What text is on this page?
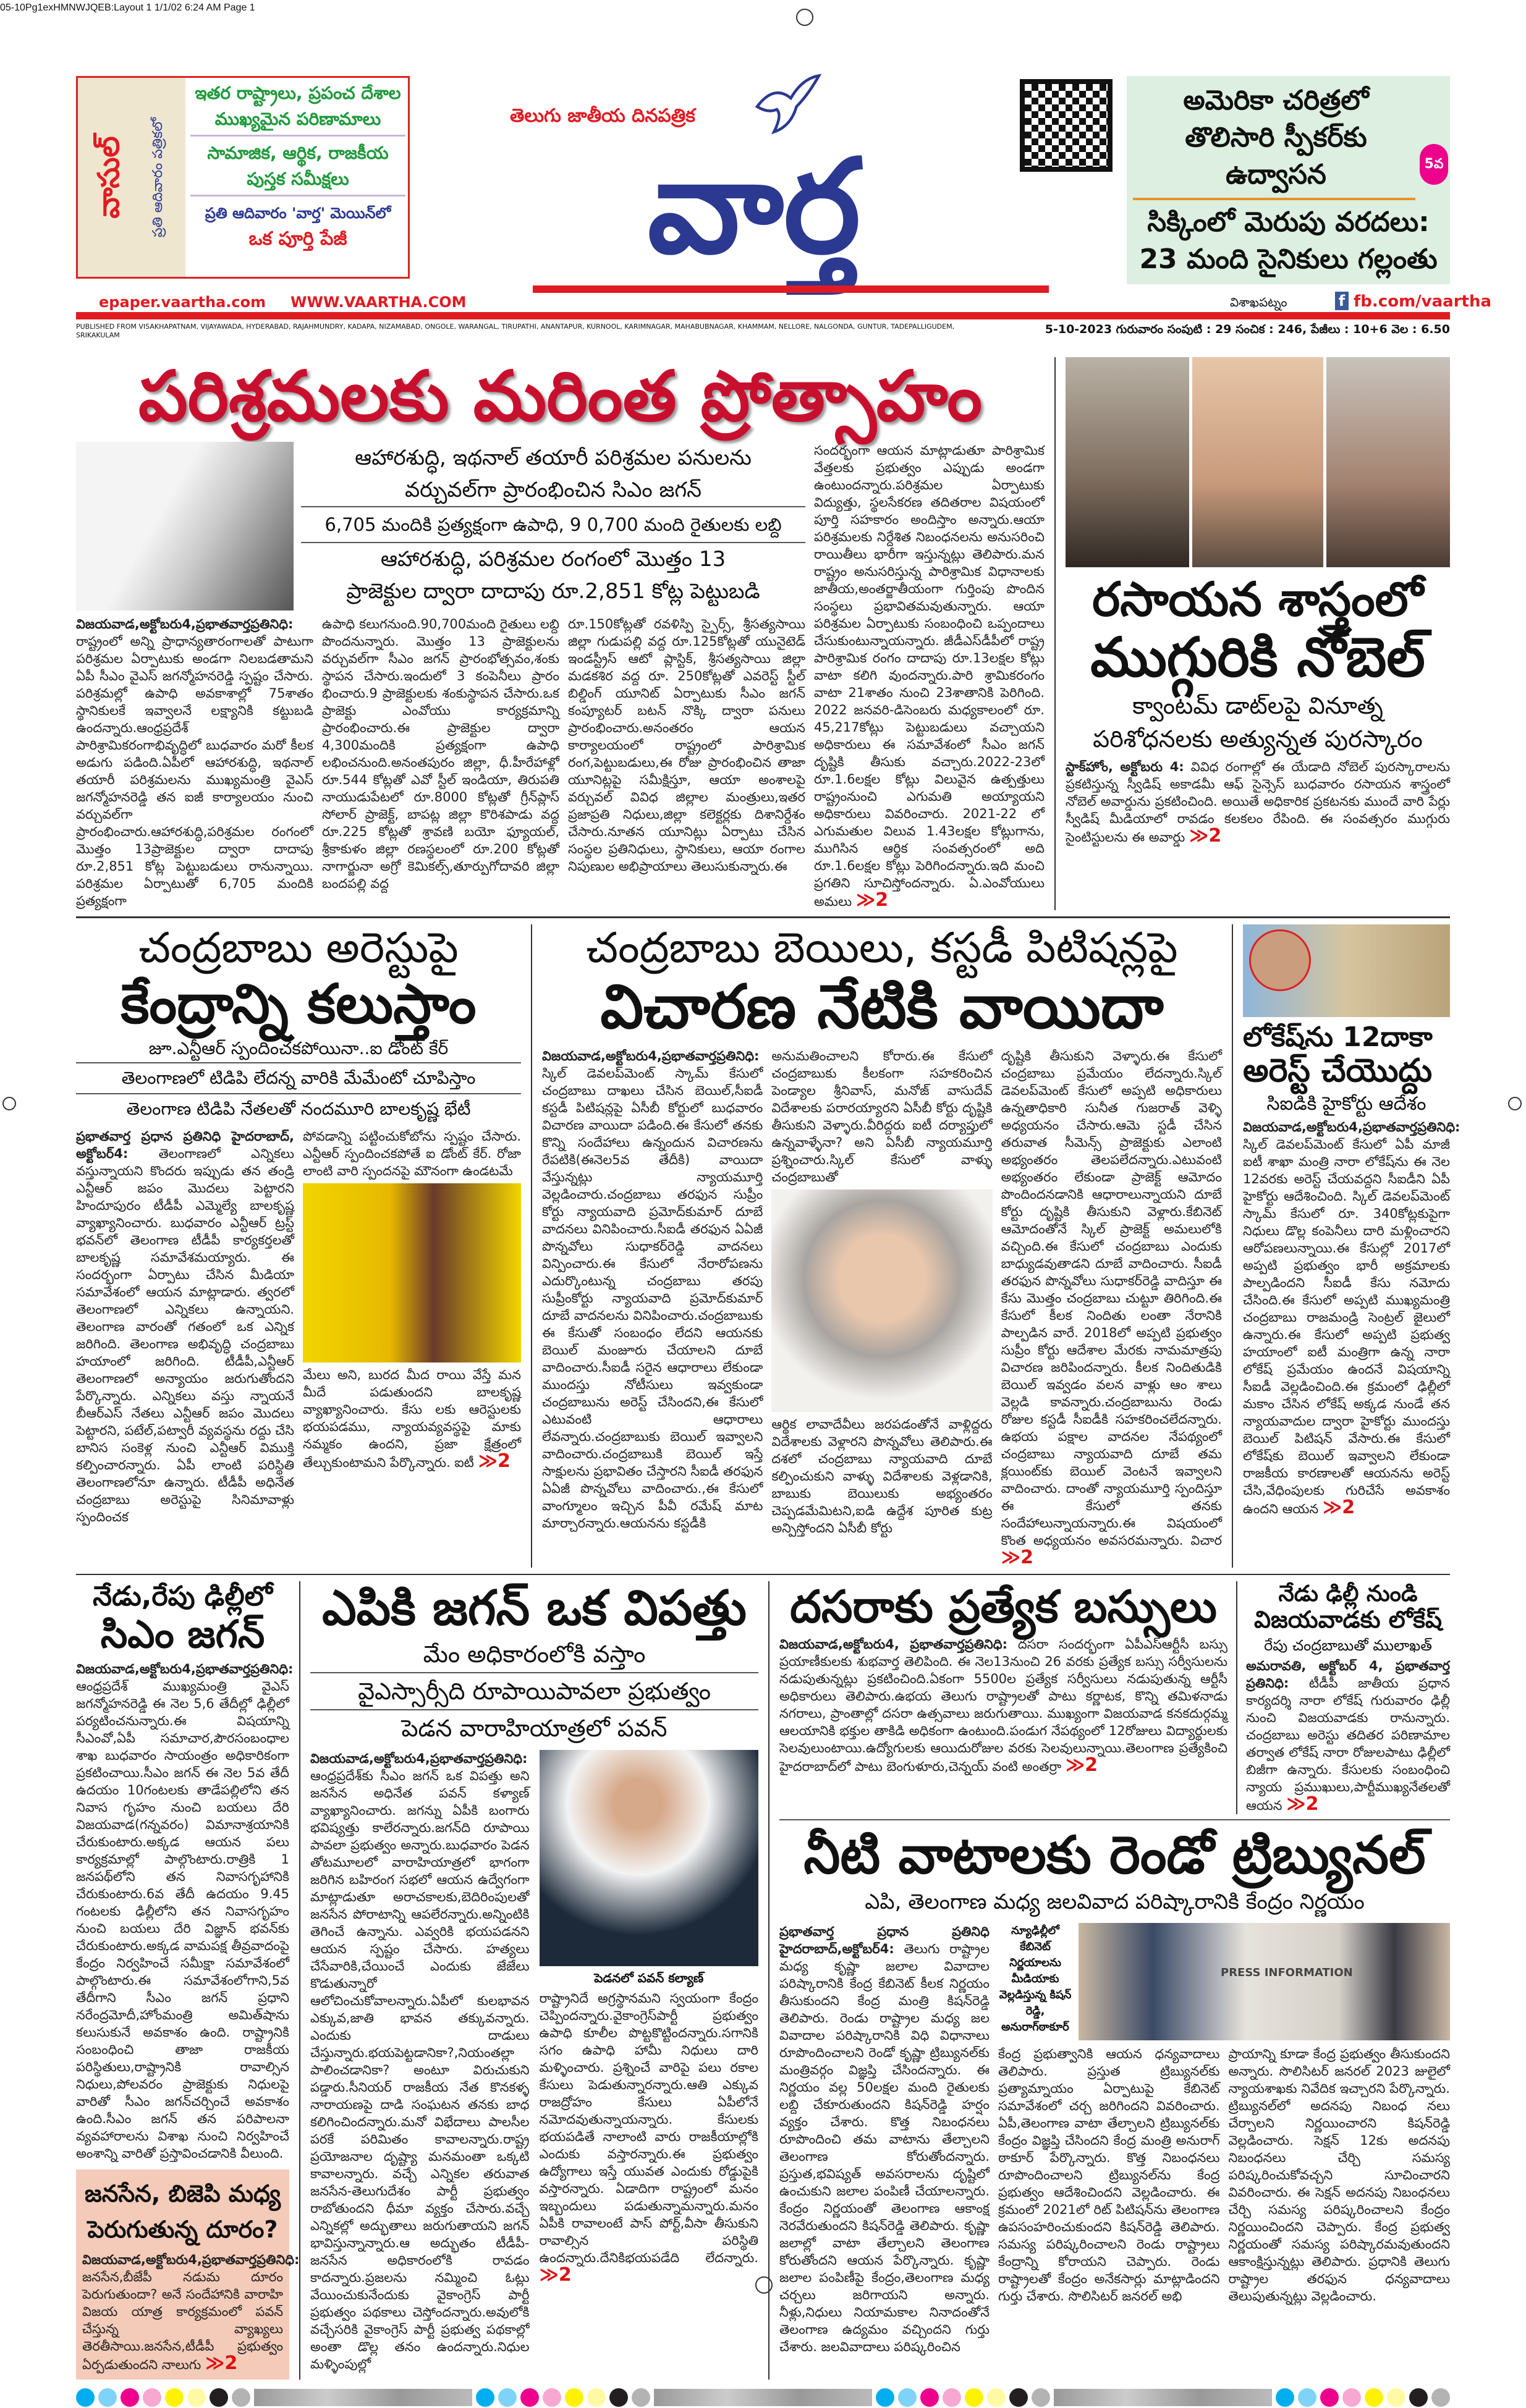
05-10Pg1exHMNWJQEB:Layout 1 1/1/02 6:24 AM Page 1
వాసుల్	ప్రతి ఆదివారం పత్రికలో
ఇతర రాష్ట్రాలు, ప్రపంచ దేశాల
ముఖ్యమైన పరిణామాలు
సామాజిక, ఆర్థిక, రాజకీయ
పుస్తక సమీక్షలు
ప్రతి ఆదివారం 'వార్త' మెయిన్‌లో
ఒక పూర్తి పేజీ
తెలుగు జాతీయ దినపత్రిక
వార్త
అమెరికా చరిత్రలో తొలిసారి స్పీకర్‌కు ఉద్వాసన	5వ
సిక్కింలో మెరుపు వరదలు: 23 మంది సైనికులు గల్లంతు
epaper.vaartha.com WWW.VAARTHA.COM	విశాఖపట్నం	f fb.com/vaartha
PUBLISHED FROM VISAKHAPATNAM, VIJAYAWADA, HYDERABAD, RAJAHMUNDRY, KADAPA, NIZAMABAD, ONGOLE, WARANGAL, TIRUPATHI, ANANTAPUR, KURNOOL, KARIMNAGAR, MAHABUBNAGAR, KHAMMAM, NELLORE, NALGONDA, GUNTUR, TADEPALLIGUDEM, SRIKAKULAM	5-10-2023 గురువారం సంపుటి : 29 సంచిక : 246, పేజీలు : 10+6 వెల : 6.50
పరిశ్రమలకు మరింత ప్రోత్సాహం
ఆహారశుద్ధి, ఇథనాల్ తయారీ పరిశ్రమల పనులను
వర్చువల్‌గా ప్రారంభించిన సిఎం జగన్
6,705 మందికి ప్రత్యక్షంగా ఉపాధి, 9 0,700 మంది రైతులకు లబ్ది
ఆహారశుద్ధి, పరిశ్రమల రంగంలో మొత్తం 13
ప్రాజెక్టుల ద్వారా దాదాపు రూ.2,851 కోట్ల పెట్టుబడి
విజయవాడ,అక్టోబరు4,ప్రభాతవార్తప్రతినిధి: రాష్ట్రంలో అన్ని ప్రాధాన్యతారంగాలతో పాటుగా పరిశ్రమల ఏర్పాటుకు అండగా నిలబడతామని ఏపీ సీఎం వైఎస్ జగన్మోహనరెడ్డి స్పష్టం చేసారు. పరిశ్రమల్లో ఉపాధి అవకాశాల్లో 75శాతం స్థానికులకే ఇవ్వాలనే లక్ష్యానికి కట్టుబడి ఉందన్నారు.ఆంధ్రప్రదేశ్ పారిశ్రామికరంగాభివృద్ధిలో బుధవారం మరో కీలక అడుగు పడింది.ఏపీలో ఆహారశుద్ధి, ఇథనాల్ తయారీ పరిశ్రమలను ముఖ్యమంత్రి వైఎస్ జగన్మోహనరెడ్డి తన ఐజీ కార్యాలయం నుంచి వర్చువల్‌గా ప్రారంభించారు.ఆహారశుద్ధి,పరిశ్రమల రంగంలో మొత్తం 13ప్రాజెక్టుల ద్వారా దాదాపు రూ.2,851 కోట్ల పెట్టుబడులు రానున్నాయి. పరిశ్రమల ఏర్పాటుతో 6,705 మందికి ప్రత్యక్షంగా
ఉపాధి కలుగనుంది.90,700మంది రైతులు లబ్ది పొందనున్నారు. మొత్తం 13 ప్రాజెక్టులను వర్చువల్‌గా సీఎం జగన్ ప్రారంభోత్సవం,శంకు స్థాపన చేసారు.ఇందులో 3 కంపెనీలు ప్రారం భించారు.9 ప్రాజెక్టులకు శంకుస్థాపన చేసారు.ఒక ప్రాజెక్టు ఎంవోయు కార్యక్రమాన్ని ప్రారంభించారు.ఈ ప్రాజెక్టుల ద్వారా 4,300మందికి ప్రత్యక్షంగా ఉపాధి లభించనుంది.అనంతపురం జిల్లా, ధీ.హీరేహాళ్లో రూ.544 కోట్లతో ఎవో స్టీల్ ఇండియా, తిరుపతి నాయుడుపేటలో రూ.8000 కోట్లతో గ్రీన్‌ప్లాస్ సోలార్ ప్రాజెక్ట్, బాపట్ల జిల్లా కొరిశపాడు వద్ద రూ.225 కోట్లతో శ్రావణి బయో ఫ్యూయల్, శ్రీకాకుళం జిల్లా రణస్థలంలో రూ.200 కోట్లతో నాగార్జునా అగ్రో కెమికల్స్,తూర్పుగోదావరి జిల్లా బందపల్లి వద్ద
రూ.150కోట్లతో రవళిస్పి స్పైర్స్, శ్రీసత్యసాయి జిల్లా గుడుపల్లి వద్ద రూ.125కోట్లతో యునైటెడ్ ఇండస్ట్రీస్ ఆటో ప్లాస్టిక్, శ్రీసత్యసాయి జిల్లా మడకశిర వద్ద రూ. 250కోట్లతో ఎవరెస్ట్ స్టీల్ బిల్డింగ్ యూనిట్ ఏర్పాటుకు సీఎం జగన్ కంప్యూటర్ బటన్ నొక్కి ద్వారా పనులు ప్రారంభించారు.అనంతరం ఆయన కార్యాలయంలో రాష్ట్రంలో పారిశ్రామిక రంగ,పెట్టుబడులు,ఈ రోజు ప్రారంభించిన తాజా యూనిట్లపై సమీక్షిస్తూ, ఆయా అంశాలపై వర్చువల్ వివిధ జిల్లాల మంత్రులు,ఇతర ప్రజాప్రతి నిధులు,జిల్లా కలెక్టర్లకు దిశానిర్దేశం చేసారు.నూతన యూనిట్లు ఏర్పాటు చేసిన సంస్థల ప్రతినిధులు, స్థానికులు, ఆయా రంగాల నిపుణుల అభిప్రాయాలు తెలుసుకున్నారు.ఈ
సందర్భంగా ఆయన మాట్లాడుతూ పారిశ్రామిక వేత్తలకు ప్రభుత్వం ఎప్పుడు అండగా ఉంటుందన్నారు.పరిశ్రమల ఏర్పాటుకు విద్యుత్తు, స్థలసేకరణ తదితరాల విషయంలో పూర్తి సహకారం అందిస్తాం అన్నారు.ఆయా పరిశ్రమలకు నిర్దేశిత నిబంధనలను అనుసరించి రాయితీలు భారీగా ఇస్తున్నట్లు తెలిపారు.మన రాష్ట్రం అనుసరిస్తున్న పారిశ్రామిక విధానాలకు జాతీయ,అంతర్జాతీయంగా గుర్తింపు పొందిన సంస్థలు ప్రభావితమవుతున్నారు. ఆయా పరిశ్రమల ఏర్పాటుకు సంబంధించి ఒప్పందాలు చేసుకుంటున్నాయన్నారు. జీడీఎస్‌డీపీలో రాష్ట్ర పారిశ్రామిక రంగం దాదాపు రూ.13లక్షల కోట్లు వాటా కలిగి వుందన్నారు.పారి శ్రామికరంగం వాటా 21శాతం నుంచి 23శాతానికి పెరిగింది. 2022 జనవరి-డిసెంబరు మధ్యకాలంలో రూ. 45,217కోట్లు పెట్టుబడులు వచ్చాయని అధికారులు ఈ సమావేశంలో సీఎం జగన్ దృష్టికి తీసుకు వచ్చారు.2022-23లో రూ.1.6లక్షల కోట్లు విలువైన ఉత్పత్తులు రాష్ట్రంనుంచి ఎగుమతి అయ్యాయని అధికారులు వివరించారు. 2021-22 లో ఎగుమతుల విలువ 1.43లక్షల కోట్లుగాను, ముగిసిన ఆర్థిక సంవత్సరంలో అది రూ.1.6లక్షల కోట్లు పెరిగిందన్నారు.ఇది మంచి ప్రగతిని సూచిస్తోందన్నారు. ఏ.ఎంవోయులు అమలు ≫2
రసాయన శాస్త్రంలో
ముగ్గురికి నోబెల్
క్వాంటమ్ డాట్‌లపై వినూత్న
పరిశోధనలకు అత్యున్నత పురస్కారం
స్టాక్‌హోం, అక్టోబరు 4: వివిధ రంగాల్లో ఈ యేడాది నోబెల్ పురస్కారాలను ప్రకటిస్తున్న స్వీడిష్ అకాడమీ ఆఫ్ సైన్సెస్ బుధవారం రసాయన శాస్త్రంలో నోబెల్ అవార్డును ప్రకటించింది. అయితే అధికారిక ప్రకటనకు ముందే వారి పేర్లు స్వీడిష్ మీడియాలో రావడం కలకలం రేపింది. ఈ సంవత్సరం ముగ్గురు సైంటిస్టులను ఈ అవార్డు ≫2
చంద్రబాబు అరెస్టుపై
కేంద్రాన్ని కలుస్తాం
జూ.ఎన్టీఆర్ స్పందించకపోయినా..ఐ డోంట్ కేర్
తెలంగాణలో టిడిపి లేదన్న వారికి మేమేంటో చూపిస్తాం
తెలంగాణ టిడిపి నేతలతో నందమూరి బాలకృష్ణ భేటీ
ప్రభాతవార్త ప్రధాన ప్రతినిధి హైదరాబాద్, అక్టోబర్4: తెలంగాణలో ఎన్నికలు వస్తున్నాయని కొందరు ఇప్పుడు తన తండ్రి ఎన్టీఆర్ జపం మొదలు పెట్టారని హిందూపురం టీడీపీ ఎమ్మెల్యే బాలకృష్ణ వ్యాఖ్యానించారు. బుధవారం ఎన్టీఆర్ ట్రస్ట్ భవన్‌లో తెలంగాణ టీడీపీ కార్యకర్తలతో బాలకృష్ణ సమావేశమయ్యారు. ఈ సందర్భంగా ఏర్పాటు చేసిన మీడియా సమావేశంలో ఆయన మాట్లాడారు. త్వరలో తెలంగాణలో ఎన్నికలు ఉన్నాయని. తెలంగాణ వారంతో గతంలో ఒక ఎన్నిక జరిగింది. తెలంగాణ అభివృద్ధి చంద్రబాబు హయాంలో జరిగింది. టీడీపీ,ఎన్టీఆర్ తెలంగాణలో అన్యాయం జరుగుతోందని పేర్కొన్నారు. ఎన్నికలు వస్తు న్నాయనే బీఆర్ఎస్ నేతలు ఎన్టీఆర్ జపం మొదలు పెట్టారని, పటేల్,పట్వారీ వ్యవస్థను రద్దు చేసి బానిస సంకెళ్ల నుంచి ఎన్టీఆర్ విముక్తి కల్పించారన్నారు. ఏపీ లాంటి పరిస్థితి తెలంగాణలోనూ ఉన్నారు. టీడీపీ అధినేత చంద్రబాబు అరెస్టుపై సినిమావాళ్లు స్పందించక
పోవడాన్ని పట్టించుకోబోను స్పష్టం చేసారు. ఎన్టీఆర్ స్పందించకపోతే ఐ డోంట్ కేర్. రోజా లాంటి వారి స్పందనపై మౌనంగా ఉండటమే
మేలు అని, బురద మీద రాయి వేస్తే మన మీదే పడుతుందని బాలకృష్ణ వ్యాఖ్యానించారు. కేసు లకు ఆరెస్టులకు భయపడము, న్యాయవ్యవస్థపై మాకు నమ్మకం ఉందని, ప్రజా క్షేత్రంలో తేల్చుకుంటామని పేర్కొన్నారు. ఐటీ ≫2
చంద్రబాబు బెయిలు, కస్టడీ పిటిషన్లపై
విచారణ నేటికి వాయిదా
విజయవాడ,అక్టోబరు4,ప్రభాతవార్తప్రతినిధి: స్కిల్ డెవలప్‌మెంట్ స్కామ్ కేసులో చంద్రబాబు దాఖలు చేసిన బెయిల్,సీఐడీ కస్టడీ పిటిషన్లపై ఏసీబీ కోర్టులో బుధవారం విచారణ వాయిదా పడింది.ఈ కేసులో తనకు కొన్ని సందేహాలు ఉన్నందున విచారణను రేపటికి(ఈనెల5వ తేదీకి) వాయిదా వేస్తున్నట్లు న్యాయమూర్తి వెల్లడించారు.చంద్రబాబు తరఫున సుప్రీం కోర్టు న్యాయవాది ప్రమోద్‌కుమార్ దూబే వాదనలు వినిపించారు.సీఐడీ తరఫున ఏఏజీ పొన్నవోలు సుధాకర్‌రెడ్డి వాదనలు విన్పించారు.ఈ కేసులో నేరారోపణను ఎదుర్కొంటున్న చంద్రబాబు తరపు సుప్రీంకోర్టు న్యాయవాది ప్రమోద్‌కుమార్ దూబే వాదనలను వినిపించారు.చంద్రబాబుకు ఈ కేసుతో సంబంధం లేదని ఆయనకు బెయిల్ మంజూరు చేయాలని దూబే వాదించారు.సీఐడీ సరైన ఆధారాలు లేకుండా ముందస్తు నోటీసులు ఇవ్వకుండా చంద్రబాబును అరెస్ట్ చేసిందని,ఈ కేసులో ఎటువంటి ఆధారాలు లేవన్నారు.చంద్రబాబుకు బెయిల్ ఇవ్వాలని వాదించారు.చంద్రబాబుకి బెయిల్ ఇస్తే సాక్షులను ప్రభావితం చేస్తారని సీఐడీ తరఫున ఏఏజీ పొన్నవోలు వాదించారు.,ఈ కేసులో వాంగ్మూలం ఇచ్చిన పీవీ రమేష్ మాట మార్చారన్నారు.ఆయనను కస్టడీకి
అనుమతించాలని కోరారు.ఈ కేసులో చంద్రబాబుకు కీలకంగా సహకరించిన పెండ్యాల శ్రీనివాస్, మనోజ్ వాసుదేవ్ విదేశాలకు పరారయ్యారని ఏసీబీ కోర్టు దృష్టికి తీసుకుని వెళ్ళారు.వీరిద్దరు ఐటీ దర్యాప్తులో ఉన్నవాళ్ళేనా? అని ఏసీబీ న్యాయమూర్తి ప్రశ్నించారు.స్కిల్ కేసులో వాళ్ళు చంద్రబాబుతో
ఆర్థిక లావాదేవీలు జరపడంతోనే వాళ్లిద్దరు విదేశాలకు వెళ్లారని పొన్నవోలు తెలిపారు.ఈ దశలో చంద్రబాబు న్యాయవాది దూబే కల్పించుకుని వాళ్ళు విదేశాలకు వెళ్లడానికి, బాబుకు బెయిలుకు అభ్యంతరం చెప్పడమేమిటని,ఐడి ఉద్దేశ పూరిత కుట్ర అన్పిస్తోందని ఏసీబీ కోర్టు
దృష్టికి తీసుకుని వెళ్ళారు.ఈ కేసులో చంద్రబాబు ప్రమేయం లేదన్నారు.స్కిల్ డెవలప్‌మెంట్ కేసులో అప్పటి అధికారులు ఉన్నతాధికారి సునీత గుజరాత్ వెళ్ళి అధ్యయనం చేసారు.ఆమె స్టడీ చేసిన తరువాత సీమెన్స్ ప్రాజెక్టుకు ఎలాంటి అభ్యంతరం తెలపలేదన్నారు.ఎటువంటి అభ్యంతరం లేకుండా ప్రాజెక్ట్ ఆమోదం పొందిందనడానికి ఆధారాలున్నాయని దూబే కోర్టు దృష్టికి తీసుకుని వెళ్లారు.కేబినెట్ ఆమోదంతోనే స్కిల్ ప్రాజెక్ట్ అమలులోకి వచ్చింది.ఈ కేసులో చంద్రబాబు ఎందుకు బాధ్యుడవుతాడని దూబే వాదించారు. సీఐడీ తరఫున పొన్నవోలు సుధాకర్‌రెడ్డి వాదిస్తూ ఈ కేసు మొత్తం చంద్రబాబు చుట్టూ తిరిగింది.ఈ కేసులో కీలక నిందితు లంతా నేరానికి పాల్పడిన వారే. 2018లో అప్పటి ప్రభుత్వం సుప్రీం కోర్టు ఆదేశాల మేరకు నామమాత్రపు విచారణ జరిపిందన్నారు. కీలక నిందితుడికి బెయిల్ ఇవ్వడం వలన వాళ్లు ఆం శాలు వెల్లడి కావన్నారు.చంద్రబాబును రెండు రోజుల కస్టడీ సీఐడీకి సహకరించలేదన్నారు. ఉభయ పక్షాల వాదనల నేపథ్యంలో చంద్రబాబు న్యాయవాది దూబే తమ క్లయింట్‌కు బెయిల్ వెంటనే ఇవ్వాలని వాదించారు. దాంతో న్యాయమూర్తి స్పందిస్తూ ఈ కేసులో తనకు సందేహాలున్నాయన్నారు.ఈ విషయంలో కొంత అధ్యయనం అవసరమన్నారు. విచార ≫2
లోకేష్‌ను 12దాకా
అరెస్ట్ చేయొద్దు
సిఐడికి హైకోర్టు ఆదేశం
విజయవాడ,అక్టోబరు4,ప్రభాతవార్తప్రతినిధి: స్కిల్ డెవలప్‌మెంట్ కేసులో ఏపీ మాజీ ఐటీ శాఖా మంత్రి నారా లోకేష్‌ను ఈ నెల 12వరకు అరెస్ట్ చేయవద్దని సీఐడీని ఏపీ హైకోర్టు ఆదేశించింది. స్కిల్ డెవలప్‌మెంట్ స్కామ్ కేసులో రూ. 340కోట్లకుపైగా నిధులు డొల్ల కంపెనీలు దారి మళ్లించారని ఆరోపణలున్నాయి.ఈ కేసుల్లో 2017లో అప్పటి ప్రభుత్వం భారీ అక్రమాలకు పాల్పడిందని సీఐడీ కేసు నమోదు చేసింది.ఈ కేసులో అప్పటి ముఖ్యమంత్రి చంద్రబాబు రాజమండ్రి సెంట్రల్ జైలులో ఉన్నారు.ఈ కేసులో అప్పటి ప్రభుత్వ హయాంలో ఐటీ మంత్రిగా ఉన్న నారా లోకేష్ ప్రమేయం ఉందనే విషయాన్ని సీఐడీ వెల్లడించింది.ఈ క్రమంలో ఢిల్లీలో మకాం చేసిన లోకేష్ అక్కడ నుండే తన న్యాయవాదుల ద్వారా హైకోర్టు ముందస్తు బెయిల్ పిటిషన్ వేసారు.ఈ కేసులో లోకేష్‌కు బెయిల్ ఇవ్వాలని లేకుండా రాజకీయ కారణాలతో ఆయనను అరెస్ట్ చేసి,వేధింపులకు గురిచేసే అవకాశం ఉందని ఆయన ≫2
నేడు,రేపు ఢిల్లీలో
సిఎం జగన్
విజయవాడ,అక్టోబరు4,ప్రభాతవార్తప్రతినిధి: ఆంధ్రప్రదేశ్ ముఖ్యమంత్రి వైఎస్ జగన్మోహనరెడ్డి ఈ నెల 5,6 తేదీల్లో ఢిల్లీలో పర్యటించనున్నారు.ఈ విషయాన్ని సీఎంవో,ఏపీ సమాచార,పౌరసంబంధాల శాఖ బుధవారం సాయంత్రం అధికారికంగా ప్రకటించాయి.సీఎం జగన్ ఈ నెల 5వ తేదీ ఉదయం 10గంటలకు తాడేపల్లిలోని తన నివాస గృహం నుంచి బయలు దేరి విజయవాడ(గన్నవరం) విమానాశ్రయానికి చేరుకుంటారు.అక్కడ ఆయన పలు కార్యక్రమాల్లో పాల్గొంటారు.రాత్రికి 1 జనపథ్‌లోని తన నివాసగృహానికి చేరుకుంటారు.6వ తేదీ ఉదయం 9.45 గంటలకు ఢిల్లీలోని తన నివాసగృహం నుంచి బయలు దేరి విజ్ఞాన్ భవన్‌కు చేరుకుంటారు.అక్కడ వామపక్ష తీవ్రవాదంపై కేంద్రం నిర్వహించే సమీక్షా సమావేశంలో పాల్గొంటారు.ఈ సమావేశంలోగాని,5వ తేదీగాని సీఎం జగన్ ప్రధాని నరేంద్రమోదీ,హోంమంత్రి అమిత్‌షాను కలుసుకునే అవకాశం ఉంది. రాష్ట్రానికి సంబంధించి తాజా రాజకీయ పరిస్థితులు,రాష్ట్రానికి రావాల్సిన నిధులు,పోలవరం ప్రాజెక్టుకు నిధులపై వారితో సీఎం జగన్‌చర్చించే అవకాశం ఉంది.సీఎం జగన్ తన పరిపాలనా వ్యవహారాలను విశాఖ నుంచి నిర్వహించే అంశాన్ని వారితో ప్రస్తావించడానికి వీలుంది.
జనసేన, బిజెపి మధ్య
పెరుగుతున్న దూరం?
విజయవాడ,అక్టోబరు4,ప్రభాతవార్తప్రతినిధి: జనసేన,బీజేపీ నడుమ దూరం పెరుగుతుందా? అనే సందేహానికి వారాహి విజయ యాత్ర కార్యక్రమంలో పవన్ చేస్తున్న వ్యాఖ్యలు తెరతీసాయి.జనసేన,టీడీపీ ప్రభుత్వం ఏర్పడుతుందని నాలుగు ≫2
ఎపికి జగన్ ఒక విపత్తు
మేం అధికారంలోకి వస్తాం
వైఎస్సార్సీది రూపాయిపావలా ప్రభుత్వం
పెడన వారాహియాత్రలో పవన్
విజయవాడ,అక్టోబరు4,ప్రభాతవార్తప్రతినిధి: ఆంధ్రప్రదేశ్‌కు సీఎం జగన్ ఒక విపత్తు అని జనసేన అధినేత పవన్ కళ్యాణ్ వ్యాఖ్యానించారు. జగన్ను ఏపీకి బంగారు భవిష్యత్తు కాలేరన్నారు.జగన్‌ది రూపాయి పావలా ప్రభుత్వం అన్నారు.బుధవారం పెడన తోటమూలలో వారాహియాత్రలో భాగంగా జరిగిన బహిరంగ సభలో ఆయన ఉద్వేగంగా మాట్లాడుతూ అరాచకాలకు,బెదిరింపులతో జనసేన పోరాటాన్ని ఆపలేరన్నారు.అన్నింటికి తెగించే ఉన్నాను. ఎవ్వరికి భయపడనని ఆయన స్పష్టం చేసారు. హత్యలు చేసేవారికి,చేయించే ఎందుకు జేజేలు కొడుతున్నారో ఆలోచించుకోవాలన్నారు.ఏపీలో కులభావన ఎక్కువ,జాతి భావన తక్కువన్నారు. ఎందుకు దాడులు చేస్తున్నారు.భయపెట్టడానికా?,నియంతల్లా పాలించడానికా? అంటూ విరుచుకుని పడ్డారు.సీనియర్ రాజకీయ నేత కొనకళ్ళ నారాయణపై దాడి సంఘటన తనకు బాధ కలిగించిందన్నారు.మనో విభేదాలు పాలసీల పరకే పరిమితం కావాలన్నారు.రాష్ట్ర ప్రయోజనాల దృష్ట్యా మనమంతా ఒక్కటి కావాలన్నారు. వచ్చే ఎన్నికల తరువాత జనసేన-తెలుగుదేశం పార్టీ ప్రభుత్వం రాబోతుందని ధీమా వ్యక్తం చేసారు.వచ్చే ఎన్నికల్లో అద్భుతాలు జరుగుతాయని జగన్ భావిస్తున్నాన్నారు.ఆ అద్భుతం టీడీపీ- జనసేన అధికారంలోకి రావడం కాదన్నారు.ప్రజలను నమ్మించి ఓట్లు వేయించుకునేందుకు వైకాంగ్రెస్ పార్టీ ప్రభుత్వం పథకాలు చెస్తోందన్నారు.అవులోకి వచ్చేసరికి వైకాంగ్రెస్ పార్టీ ప్రభుత్వ పథకాల్లో అంతా డొల్ల తనం ఉందన్నారు.నిధుల మళ్ళింపుల్లో
పెడనలో పవన్ కల్యాణ్
రాష్ట్రానిదే అగ్రస్థానమని స్వయంగా కేంద్రం చెప్పిందన్నారు.వైకాంగ్రెస్‌పార్టీ ప్రభుత్వం ఉపాధి కూలీల పొట్టకొట్టిందన్నారు.సగానికి సగం ఉపాధి హామీ నిధులు దారి మళ్ళించారు. ప్రశ్నించే వారిపై పలు రకాల కేసులు పెడుతున్నారన్నారు.ఆతి ఎక్కువ రాజద్రోహం కేసులు ఏపీలోనే నమోదవుతున్నాయన్నారు. కేసులకు భయపడితే నాలాంటి వారు రాజకీయాల్లోకి ఎందుకు వస్తారన్నారు.ఈ ప్రభుత్వం ఉద్యోగాలు ఇస్తే యువత ఎందుకు రోడ్డుపైకి వస్తారన్నారు. ఏడాదిగా రాష్ట్రంలో మనం ఇబ్బందులు పడుతున్నామన్నారు.మనం ఏపీకి రావాలంటే పాస్ పోర్ట్,వీసా తీసుకుని రావాల్సిన పరిస్థితి ఉందన్నారు.దేనికిభయపడేది లేదన్నారు. ≫2
దసరాకు ప్రత్యేక బస్సులు
విజయవాడ,అక్టోబరు4, ప్రభాతవార్తప్రతినిధి: దసరా సందర్భంగా ఏపీఎస్‌ఆర్టీసీ బస్సు ప్రయాణీకులకు శుభవార్త తెలిపింది. ఈ నెల13నుంచి 26 వరకు ప్రత్యేక బస్సు సర్వీసులను నడుపుతున్నట్లు ప్రకటించింది.ఏకంగా 5500ల ప్రత్యేక సర్వీసులు నడుపుతున్న ఆర్టీసీ అధికారులు తెలిపారు.ఉభయ తెలుగు రాష్ట్రాలతో పాటు కర్ణాటక, కొన్ని తమిళనాడు నగరాలు, ప్రాంతాల్లో దసరా ఉత్సవాలు జరుగుతాయి. ముఖ్యంగా విజయవాడ కనకదుర్గమ్మ ఆలయానికి భక్తుల తాకిడి అధికంగా ఉంటుంది.పండుగ నేపథ్యంలో 12రోజులు విద్యార్థులకు సెలవులుంటాయి.ఉద్యోగులకు ఆయిదురోజుల వరకు సెలవులున్నాయి.తెలంగాణ ప్రత్యేకించి హైదరాబాద్‌లో పాటు బెంగుళూరు,చెన్నయ్ వంటి అంతర్రా ≫2
నేడు ఢిల్లీ నుండి
విజయవాడకు లోకేష్
రేపు చంద్రబాబుతో ములాఖత్
అమరావతి, అక్టోబర్ 4, ప్రభాతవార్త ప్రతినిధి: టీడీపీ జాతీయ ప్రధాన కార్యదర్శి నారా లోకేష్ గురువారం ఢిల్లీ నుంచి విజయవాడకు రానున్నారు. చంద్రబాబు అరెస్టు తదితర పరిణామాల తర్వాత లోకేష్ నారా రోజులపాటు ఢిల్లీలో బిజీగా ఉన్నారు. కేసులకు సంబంధించి న్యాయ ప్రముఖులు,పార్టీముఖ్యనేతలతో ఆయన ≫2
నీటి వాటాలకు రెండో ట్రిబ్యునల్
ఎపి, తెలంగాణ మధ్య జలవివాద పరిష్కారానికి కేంద్రం నిర్ణయం
ప్రభాతవార్త ప్రధాన ప్రతినిధి హైదరాబాద్,అక్టోబర్4: తెలుగు రాష్ట్రాల మధ్య కృష్ణా జలాల వివాదాల పరిష్కారానికి కేంద్ర కేబినెట్ కీలక నిర్ణయం తీసుకుందని కేంద్ర మంత్రి కిషన్‌రెడ్డి తెలిపారు. రెండు రాష్ట్రాల మధ్య జల వివాదాల పరిష్కారానికి విధి విధానాలు రూపొందించాలని రెండో కృష్ణా ట్రిబ్యునల్‌కు మంత్రివర్గం విజ్ఞప్తి చేసిందన్నారు. ఈ నిర్ణయం వల్ల 50లక్షల మంది రైతులకు లబ్ది చేకూరుతుందని కిషన్‌రెడ్డి హర్షం వ్యక్తం చేశారు. కొత్త నిబంధనలు రూపొందించి తమ వాటాను తేల్చాలని తెలంగాణ కోరుతోందన్నారు. ప్రస్తుత,భవిష్యత్ అవసరాలను దృష్టిలో ఉంచుకుని జలాల పంపిణీ చేయాలన్నారు. కేంద్రం నిర్ణయంతో తెలంగాణ ఆకాంక్ష నెరవేరుతుందని కిషన్‌రెడ్డి తెలిపారు. కృష్ణా జలాల్లో వాటా తేల్చాలని తెలంగాణ కోరుతోందని ఆయన పేర్కొన్నారు. కృష్ణా జలాల పంపిణీపై కేంద్రం,తెలంగాణ మధ్య చర్చలు జరిగాయని అన్నారు. నీళ్లు,నిధులు నియామకాల నినాదంతోనే తెలంగాణ ఉద్యమం వచ్చిందని గుర్తు చేశారు. జలవివాదాలు పరిష్కరించిన
న్యూఢిల్లీలో కేబినెట్ నిర్ణయాలను మీడియాకు వెల్లడిస్తున్న కిషన్ రెడ్డి, అనురాగ్‌ఠాకూర్
PRESS INFORMATION
కేంద్ర ప్రభుత్వానికి ఆయన ధన్యవాదాలు తెలిపారు. ప్రస్తుత ట్రిబ్యునల్‌కు ప్రత్యామ్నాయం ఏర్పాటుపై కేబినెట్ సమావేశంలో చర్చ జరిగిందని వివరించారు. ఏపీ,తెలంగాణ వాటా తేల్చాలని ట్రిబ్యునల్‌కు కేంద్రం విజ్ఞప్తి చేసిందని కేంద్ర మంత్రి అనురాగ్ ఠాకూర్ పేర్కొన్నారు. కొత్త నిబంధనలు రూపొందించాలని ట్రిబ్యునల్‌ను కేంద్ర ప్రభుత్వం ఆదేశించిందని వెల్లడించారు. ఈ క్రమంలో 2021లో రిట్ పిటిషన్‌ను తెలంగాణ ఉపసంహరించుకుందని కిషన్‌రెడ్డి తెలిపారు. సమస్య పరిష్కరించాలని రెండు రాష్ట్రాలు కేంద్రాన్ని కోరాయని చెప్పారు. రెండు రాష్ట్రాలతో కేంద్రం అనేకసార్లు మాట్లాడిందని గుర్తు చేశారు. సొలిసిటర్ జనరల్ అభి
ప్రాయాన్ని కూడా కేంద్ర ప్రభుత్వం తీసుకుందని అన్నారు. సొలిసిటర్ జనరల్ 2023 జులైలో న్యాయశాఖకు నివేదిక ఇచ్చారని పేర్కొన్నారు. ట్రిబ్యునల్‌లో అదనపు నిబంధ నలు చేర్చాలని నిర్ణయించారని కిషన్‌రెడ్డి వెల్లడించారు. సెక్షన్ 12కు అదనపు నిబంధనలు చేర్చి సమస్య పరిష్కరించుకోవచ్చని సూచించారని వివరించారు. ఈ సెక్షన్ అదనపు నిబంధనలు చేర్చి సమస్య పరిష్కరించాలని కేంద్రం నిర్ణయించిందని చెప్పారు. కేంద్ర ప్రభుత్వ నిర్ణయంతో సమస్య పరిష్కారమవుతుందని ఆకాంక్షిస్తున్నట్లు తెలిపారు. ప్రధానికి తెలుగు రాష్ట్రాల తరఫున ధన్యవాదాలు తెలుపుతున్నట్లు వెల్లడించారు.
